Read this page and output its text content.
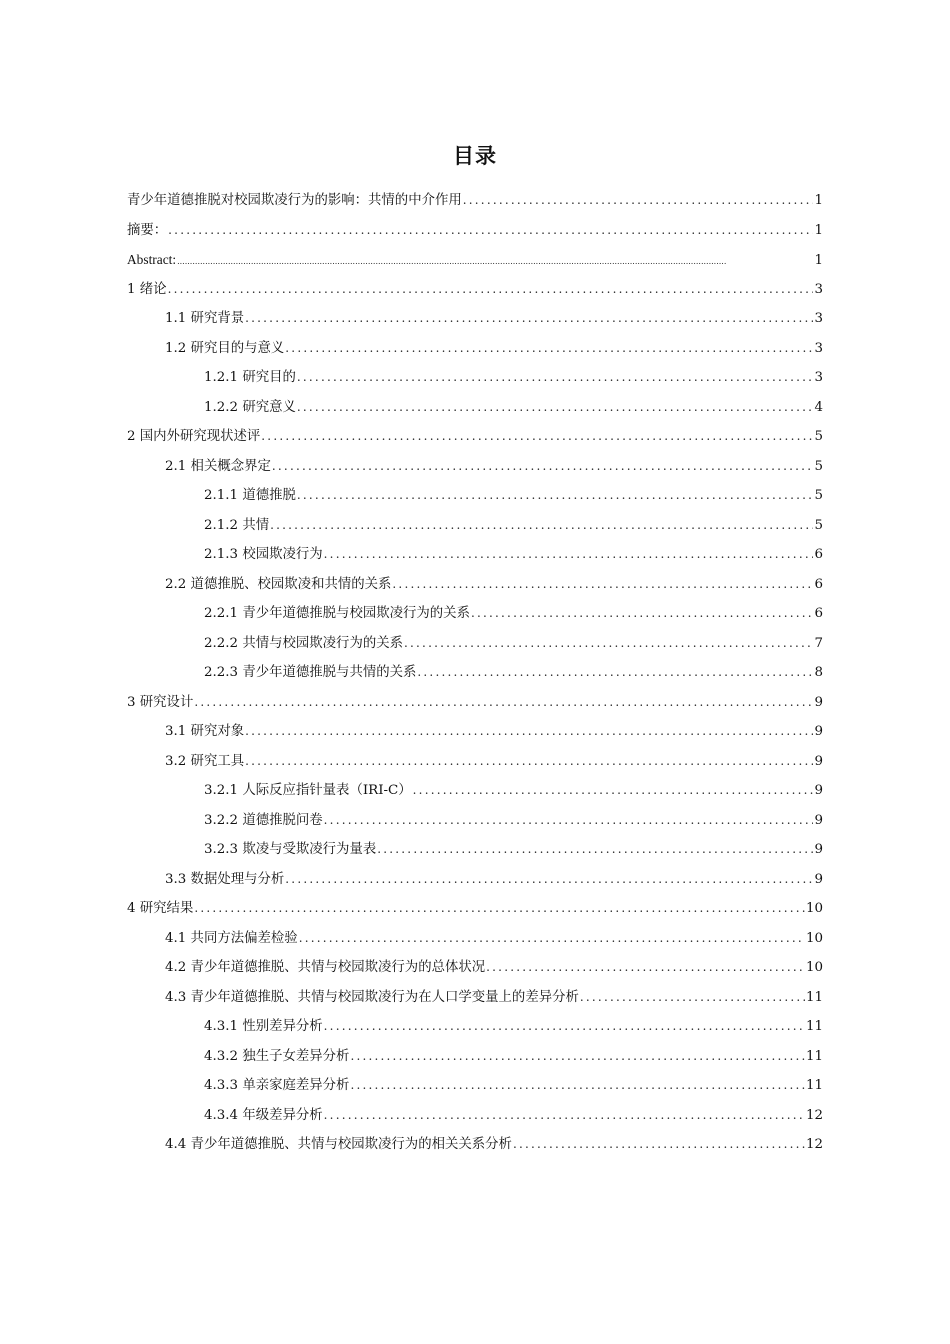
目录
青少年道德推脱对校园欺凌行为的影响：共情的中介作用 .....	1
摘要： .....	1
Abstract: .....	1
1 绪论 .....	3
1.1 研究背景 .....	3
1.2 研究目的与意义 .....	3
1.2.1 研究目的 .....	3
1.2.2 研究意义 .....	4
2 国内外研究现状述评 .....	5
2.1 相关概念界定 .....	5
2.1.1 道德推脱 .....	5
2.1.2 共情 .....	5
2.1.3 校园欺凌行为 .....	6
2.2 道德推脱、校园欺凌和共情的关系 .....	6
2.2.1 青少年道德推脱与校园欺凌行为的关系 .....	6
2.2.2 共情与校园欺凌行为的关系 .....	7
2.2.3 青少年道德推脱与共情的关系 .....	8
3 研究设计 .....	9
3.1 研究对象 .....	9
3.2 研究工具 .....	9
3.2.1 人际反应指针量表（IRI-C） .....	9
3.2.2 道德推脱问卷 .....	9
3.2.3 欺凌与受欺凌行为量表 .....	9
3.3 数据处理与分析 .....	9
4 研究结果 .....	10
4.1 共同方法偏差检验 .....	10
4.2 青少年道德推脱、共情与校园欺凌行为的总体状况 .....	10
4.3 青少年道德推脱、共情与校园欺凌行为在人口学变量上的差异分析 .....	11
4.3.1 性别差异分析 .....	11
4.3.2 独生子女差异分析 .....	11
4.3.3 单亲家庭差异分析 .....	11
4.3.4 年级差异分析 .....	12
4.4 青少年道德推脱、共情与校园欺凌行为的相关关系分析 .....	12
